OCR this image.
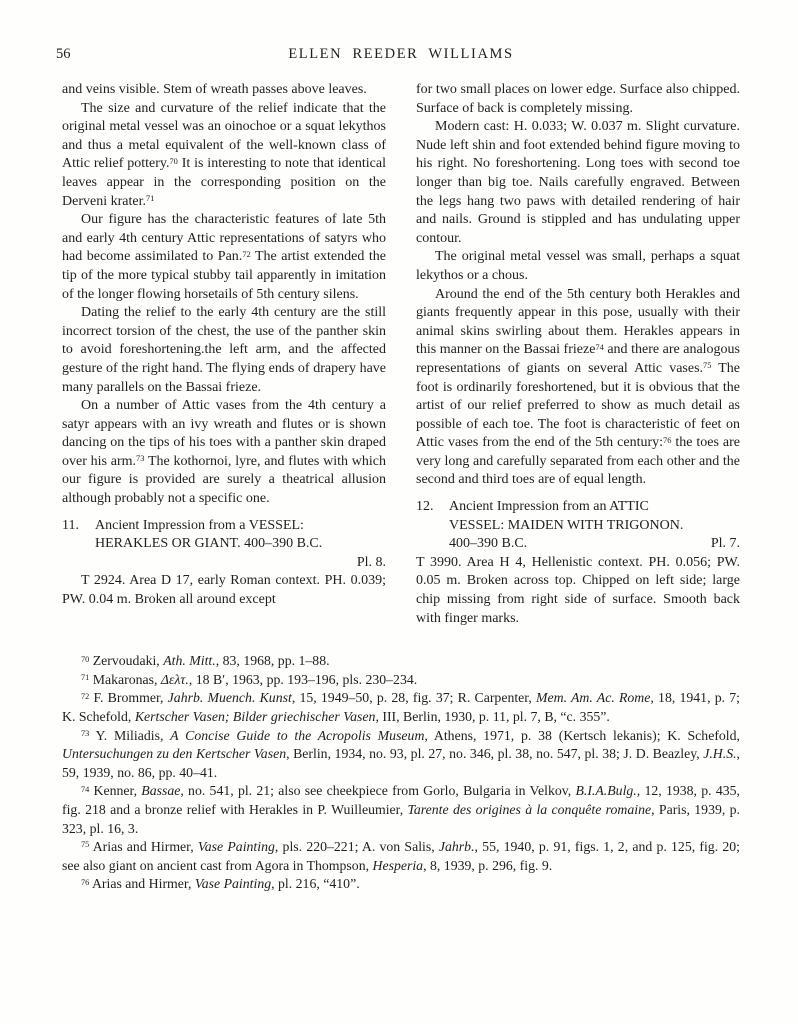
56	ELLEN REEDER WILLIAMS

and veins visible. Stem of wreath passes above leaves.

The size and curvature of the relief indicate that the original metal vessel was an oinochoe or a squat lekythos and thus a metal equivalent of the well-known class of Attic relief pottery.$^{70}$ It is interesting to note that identical leaves appear in the corresponding position on the Derveni krater.$^{71}$

Our figure has the characteristic features of late 5th and early 4th century Attic representations of satyrs who had become assimilated to Pan.$^{72}$ The artist extended the tip of the more typical stubby tail apparently in imitation of the longer flowing horsetails of 5th century silens.

Dating the relief to the early 4th century are the still incorrect torsion of the chest, the use of the panther skin to avoid foreshortening.the left arm, and the affected gesture of the right hand. The flying ends of drapery have many parallels on the Bassai frieze.

On a number of Attic vases from the 4th century a satyr appears with an ivy wreath and flutes or is shown dancing on the tips of his toes with a panther skin draped over his arm.$^{73}$ The kothornoi, lyre, and flutes with which our figure is provided are surely a theatrical allusion although probably not a specific one.

11.	Ancient Impression from a VESSEL:
HERAKLES OR GIANT. 400–390 B.C.
Pl. 8.

T 2924. Area D 17, early Roman context. PH. 0.039; PW. 0.04 m. Broken all around except

for two small places on lower edge. Surface also chipped. Surface of back is completely missing.

Modern cast: H. 0.033; W. 0.037 m. Slight curvature. Nude left shin and foot extended behind figure moving to his right. No foreshortening. Long toes with second toe longer than big toe. Nails carefully engraved. Between the legs hang two paws with detailed rendering of hair and nails. Ground is stippled and has undulating upper contour.

The original metal vessel was small, perhaps a squat lekythos or a chous.

Around the end of the 5th century both Herakles and giants frequently appear in this pose, usually with their animal skins swirling about them. Herakles appears in this manner on the Bassai frieze$^{74}$ and there are analogous representations of giants on several Attic vases.$^{75}$ The foot is ordinarily foreshortened, but it is obvious that the artist of our relief preferred to show as much detail as possible of each toe. The foot is characteristic of feet on Attic vases from the end of the 5th century:$^{76}$ the toes are very long and carefully separated from each other and the second and third toes are of equal length.

12.	Ancient Impression from an ATTIC
VESSEL: MAIDEN WITH TRIGONON.
400–390 B.C.	Pl. 7.

T 3990. Area H 4, Hellenistic context. PH. 0.056; PW. 0.05 m. Broken across top. Chipped on left side; large chip missing from right side of surface. Smooth back with finger marks.

$^{70}$ Zervoudaki, Ath. Mitt., 83, 1968, pp. 1–88.

$^{71}$ Makaronas, Δελτ., 18 B′, 1963, pp. 193–196, pls. 230–234.

$^{72}$ F. Brommer, Jahrb. Muench. Kunst, 15, 1949–50, p. 28, fig. 37; R. Carpenter, Mem. Am. Ac. Rome, 18, 1941, p. 7; K. Schefold, Kertscher Vasen; Bilder griechischer Vasen, III, Berlin, 1930, p. 11, pl. 7, B, “c. 355”.

$^{73}$ Y. Miliadis, A Concise Guide to the Acropolis Museum, Athens, 1971, p. 38 (Kertsch lekanis); K. Schefold, Untersuchungen zu den Kertscher Vasen, Berlin, 1934, no. 93, pl. 27, no. 346, pl. 38, no. 547, pl. 38; J. D. Beazley, J.H.S., 59, 1939, no. 86, pp. 40–41.

$^{74}$ Kenner, Bassae, no. 541, pl. 21; also see cheekpiece from Gorlo, Bulgaria in Velkov, B.I.A.Bulg., 12, 1938, p. 435, fig. 218 and a bronze relief with Herakles in P. Wuilleumier, Tarente des origines à la conquête romaine, Paris, 1939, p. 323, pl. 16, 3.

$^{75}$ Arias and Hirmer, Vase Painting, pls. 220–221; A. von Salis, Jahrb., 55, 1940, p. 91, figs. 1, 2, and p. 125, fig. 20; see also giant on ancient cast from Agora in Thompson, Hesperia, 8, 1939, p. 296, fig. 9.

$^{76}$ Arias and Hirmer, Vase Painting, pl. 216, “410”.
